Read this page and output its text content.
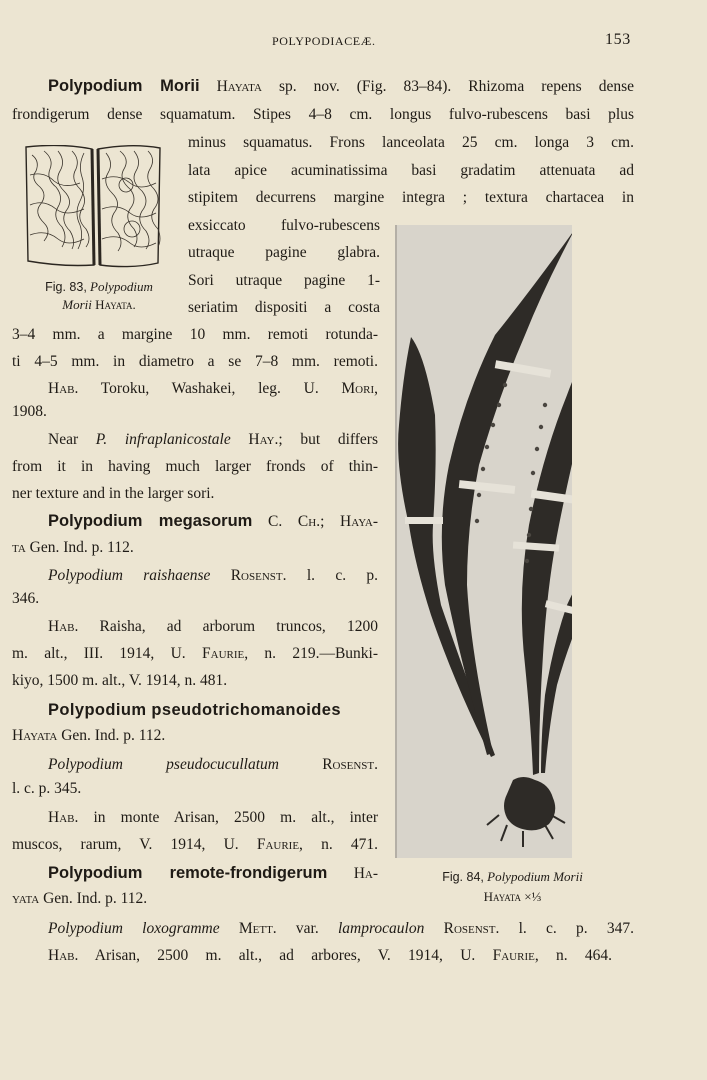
POLYPODIACEÆ.	153
Polypodium Morii Hayata sp. nov. (Fig. 83–84). Rhizoma repens dense
frondigerum dense squamatum. Stipes 4–8 cm. longus fulvo-rubescens basi plus
minus squamatus. Frons lanceolata 25 cm. longa 3 cm.
lata apice acuminatissima basi gradatim attenuata ad
stipitem decurrens margine integra ; textura chartacea in
exsiccato fulvo-rubescens
utraque pagine glabra.
Sori utraque pagine 1-
seriatim dispositi a costa
3–4 mm. a margine 10 mm. remoti rotunda-
ti 4–5 mm. in diametro a se 7–8 mm. remoti.
Hab. Toroku, Washakei, leg. U. Mori,
1908.
Near P. infraplanicostale Hay.; but differs
from it in having much larger fronds of thin-
ner texture and in the larger sori.
Polypodium megasorum C. Ch.; Haya-
ta Gen. Ind. p. 112.
Polypodium raishaense Rosenst. l. c. p.
346.
Hab. Raisha, ad arborum truncos, 1200
m. alt., III. 1914, U. Faurie, n. 219.—Bunki-
kiyo, 1500 m. alt., V. 1914, n. 481.
Polypodium pseudotrichomanoides
Hayata Gen. Ind. p. 112.
Polypodium pseudocucullatum	Rosenst.
l. c. p. 345.
Hab. in monte Arisan, 2500 m. alt., inter
muscos, rarum, V. 1914, U. Faurie, n. 471.
Polypodium remote-frondigerum Ha-
yata Gen. Ind. p. 112.
Polypodium loxogramme Mett. var. lamprocaulon Rosenst. l. c. p. 347.
Hab. Arisan, 2500 m. alt., ad arbores, V. 1914, U. Faurie, n. 464.
Fig. 83, Polypodium
Morii Hayata.
Fig. 84, Polypodium Morii
Hayata ×⅓
